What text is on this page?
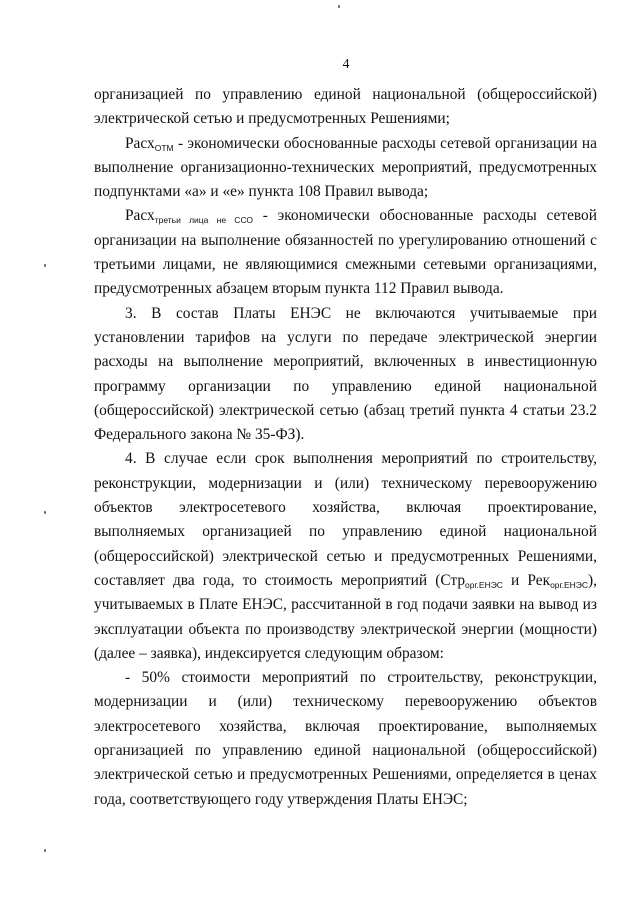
4

организацией по управлению единой национальной (общероссийской) электрической сетью и предусмотренных Решениями;

РасхОТМ - экономически обоснованные расходы сетевой организации на выполнение организационно-технических мероприятий, предусмотренных подпунктами «а» и «е» пункта 108 Правил вывода;

Расхтретьи лица не ССО - экономически обоснованные расходы сетевой организации на выполнение обязанностей по урегулированию отношений с третьими лицами, не являющимися смежными сетевыми организациями, предусмотренных абзацем вторым пункта 112 Правил вывода.

3. В состав Платы ЕНЭС не включаются учитываемые при установлении тарифов на услуги по передаче электрической энергии расходы на выполнение мероприятий, включенных в инвестиционную программу организации по управлению единой национальной (общероссийской) электрической сетью (абзац третий пункта 4 статьи 23.2 Федерального закона № 35-ФЗ).

4. В случае если срок выполнения мероприятий по строительству, реконструкции, модернизации и (или) техническому перевооружению объектов электросетевого хозяйства, включая проектирование, выполняемых организацией по управлению единой национальной (общероссийской) электрической сетью и предусмотренных Решениями, составляет два года, то стоимость мероприятий (Строрг.ЕНЭС и Рекорг.ЕНЭС), учитываемых в Плате ЕНЭС, рассчитанной в год подачи заявки на вывод из эксплуатации объекта по производству электрической энергии (мощности) (далее – заявка), индексируется следующим образом:

- 50% стоимости мероприятий по строительству, реконструкции, модернизации и (или) техническому перевооружению объектов электросетевого хозяйства, включая проектирование, выполняемых организацией по управлению единой национальной (общероссийской) электрической сетью и предусмотренных Решениями, определяется в ценах года, соответствующего году утверждения Платы ЕНЭС;
